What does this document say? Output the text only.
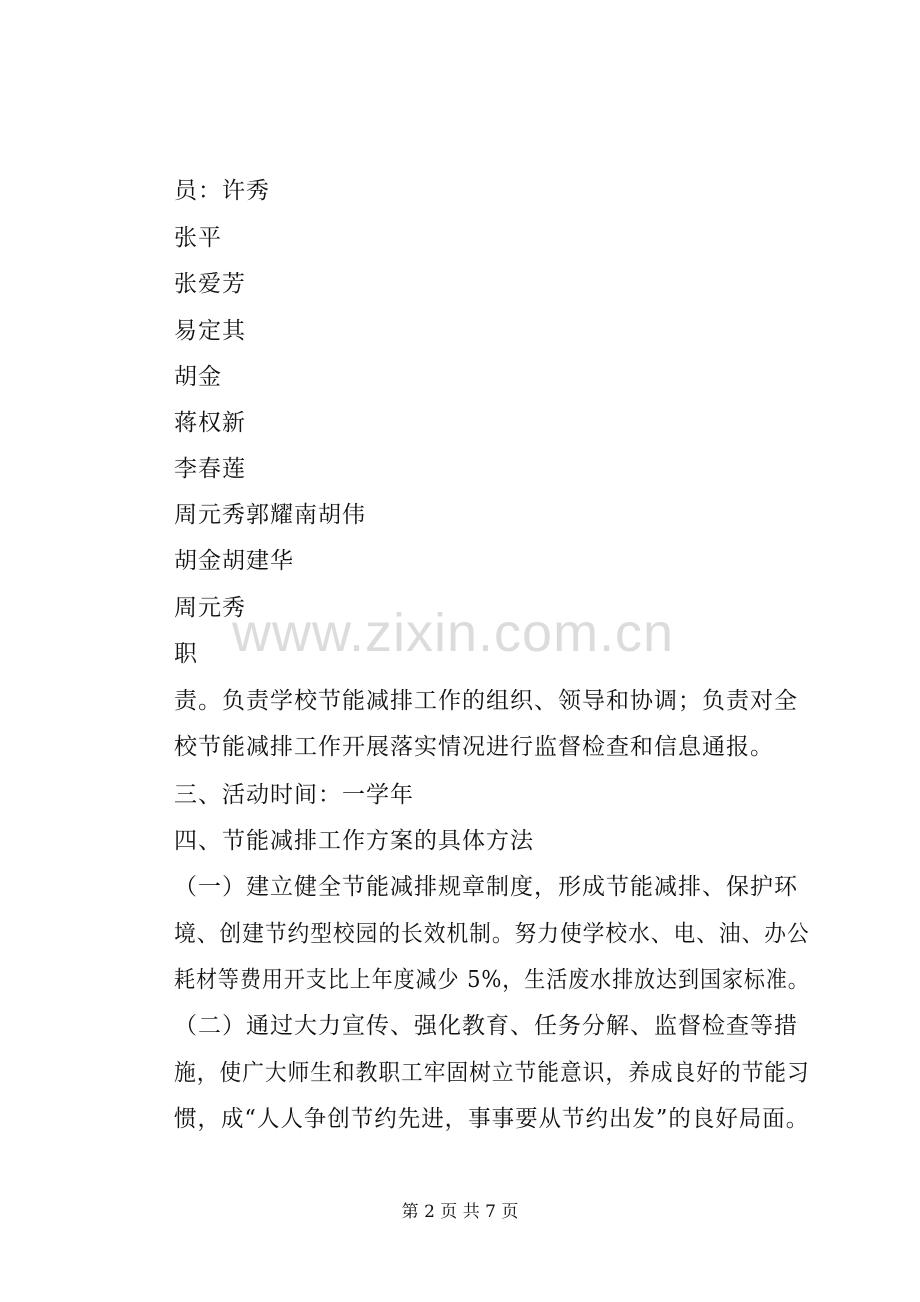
员：许秀
张平
张爱芳
易定其
胡金
蒋权新
李春莲
周元秀郭耀南胡伟
胡金胡建华
周元秀
职
责。负责学校节能减排工作的组织、领导和协调；负责对全
校节能减排工作开展落实情况进行监督检查和信息通报。
三、活动时间：一学年
四、节能减排工作方案的具体方法
（一）建立健全节能减排规章制度，形成节能减排、保护环
境、创建节约型校园的长效机制。努力使学校水、电、油、办公
耗材等费用开支比上年度减少 5%，生活废水排放达到国家标准。
（二）通过大力宣传、强化教育、任务分解、监督检查等措
施，使广大师生和教职工牢固树立节能意识，养成良好的节能习
惯，成“人人争创节约先进，事事要从节约出发”的良好局面。
www.zixin.com.cn
第 2 页 共 7 页
